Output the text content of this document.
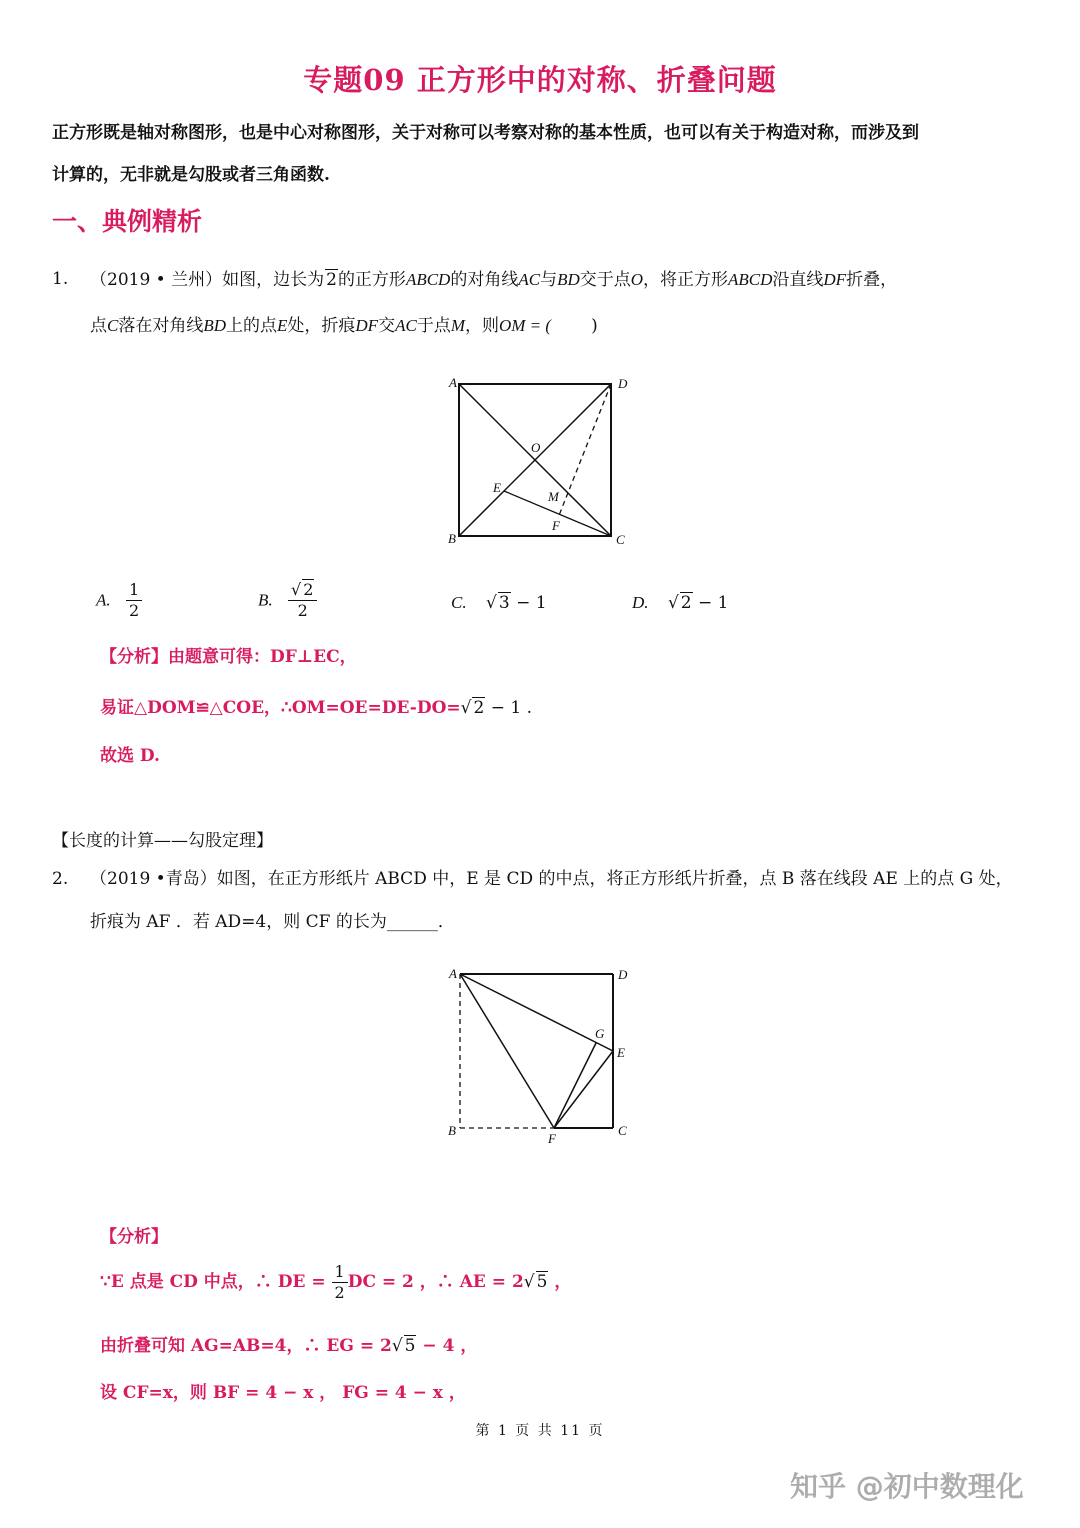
专题09 正方形中的对称、折叠问题
正方形既是轴对称图形，也是中心对称图形，关于对称可以考察对称的基本性质，也可以有关于构造对称，而涉及到
计算的，无非就是勾股或者三角函数.
一、典例精析
1. （2019 • 兰州）如图，边长为 2的正方形ABCD的对角线AC与BD交于点O，将正方形ABCD沿直线DF折叠，
点C落在对角线BD上的点E处，折痕DF交AC于点M，则OM = ( )
A	D
B	C
O
E
M
F
A. $\frac{1}{2}$	B. $\frac{√ 2}{2}$	C. √ 3 − 1	D. √ 2 − 1
【分析】由题意可得：DF⊥EC，
易证△DOM≌△COE，∴OM=OE=DE-DO=√ 2 − 1 .
故选 D.
【长度的计算——勾股定理】
2. （2019 •青岛）如图，在正方形纸片 ABCD 中，E 是 CD 的中点，将正方形纸片折叠，点 B 落在线段 AE 上的点 G 处，
折痕为 AF ．若 AD=4，则 CF 的长为______．
A	D
G
E
B
F
C
【分析】
∵E 点是 CD 中点，∴ DE = $\frac{1}{2}$ DC = 2 ，∴ AE = 2√ 5 ，
由折叠可知 AG=AB=4，∴ EG = 2√ 5 − 4 ，
设 CF=x，则 BF = 4 − x ， FG = 4 − x ，
第 1 页 共 11 页
知乎 @初中数理化
